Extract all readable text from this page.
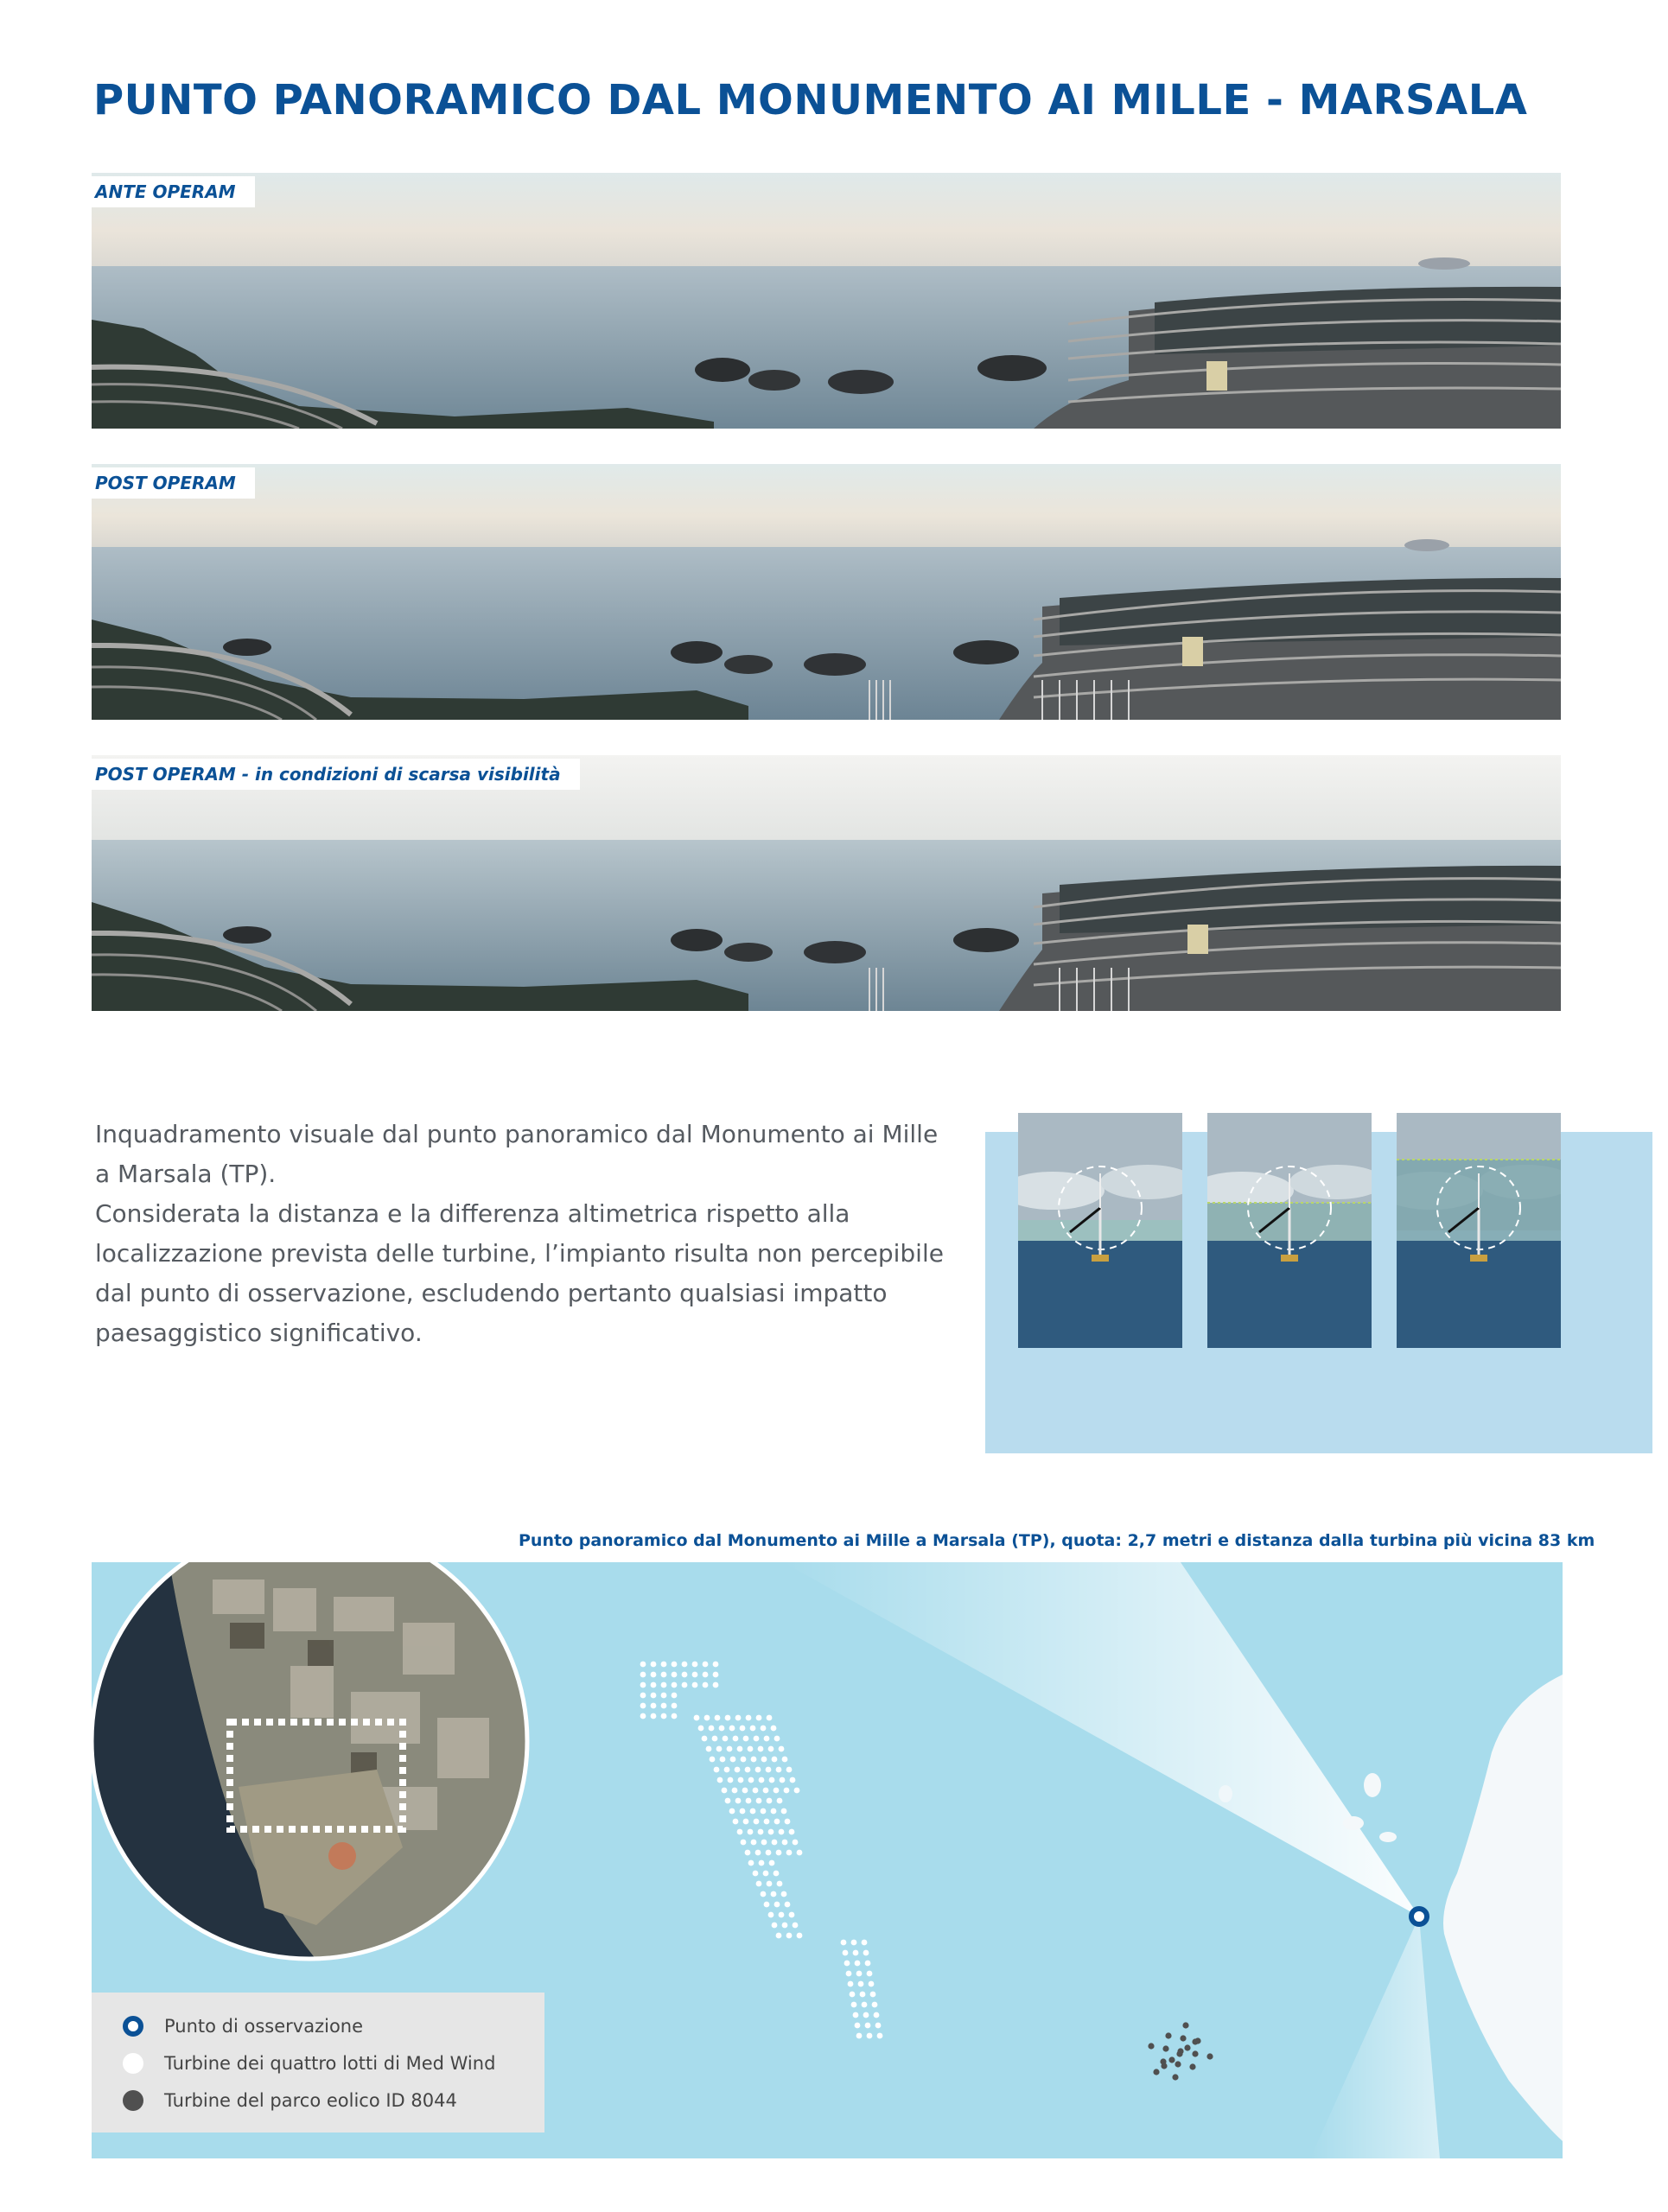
PUNTO PANORAMICO DAL MONUMENTO AI MILLE - MARSALA
ANTE OPERAM
POST OPERAM
POST OPERAM - in condizioni di scarsa visibilità

Inquadramento visuale dal punto panoramico dal Monumento ai Mille a Marsala (TP).

Considerata la distanza e la differenza altimetrica rispetto alla localizzazione prevista delle turbine, l’impianto risulta non percepibile dal punto di osservazione, escludendo pertanto qualsiasi impatto paesaggistico significativo.

Punto panoramico dal Monumento ai Mille a Marsala (TP), quota: 2,7 metri e distanza dalla turbina più vicina 83 km
Punto di osservazione
Turbine dei quattro lotti di Med Wind
Turbine del parco eolico ID 8044
